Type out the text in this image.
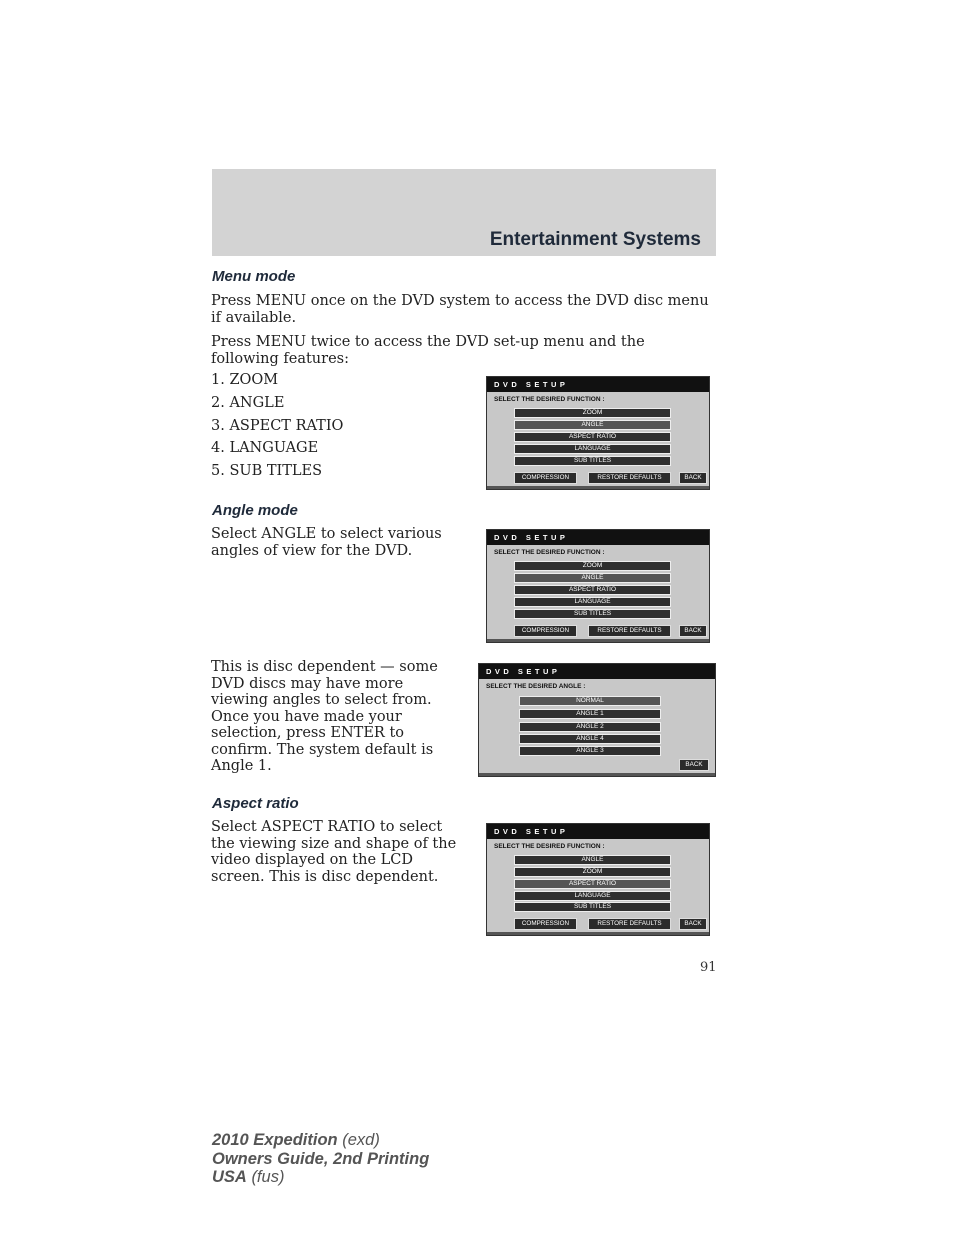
Entertainment Systems
Menu mode
Press MENU once on the DVD system to access the DVD disc menu if available.
Press MENU twice to access the DVD set-up menu and the following features:
1. ZOOM
2. ANGLE
3. ASPECT RATIO
4. LANGUAGE
5. SUB TITLES
DVD SETUP
SELECT THE DESIRED FUNCTION :
ZOOM
ANGLE
ASPECT RATIO
LANGUAGE
SUB TITLES
COMPRESSION	RESTORE DEFAULTS	BACK
Angle mode
Select ANGLE to select various angles of view for the DVD.
DVD SETUP
SELECT THE DESIRED FUNCTION :
ZOOM
ANGLE
ASPECT RATIO
LANGUAGE
SUB TITLES
COMPRESSION	RESTORE DEFAULTS	BACK
This is disc dependent — some DVD discs may have more viewing angles to select from. Once you have made your selection, press ENTER to confirm. The system default is Angle 1.
DVD SETUP
SELECT THE DESIRED ANGLE :
NORMAL
ANGLE 1
ANGLE 2
ANGLE 4
ANGLE 3
BACK
Aspect ratio
Select ASPECT RATIO to select the viewing size and shape of the video displayed on the LCD screen. This is disc dependent.
DVD SETUP
SELECT THE DESIRED FUNCTION :
ANGLE
ZOOM
ASPECT RATIO
LANGUAGE
SUB TITLES
COMPRESSION	RESTORE DEFAULTS	BACK
91
2010 Expedition (exd)
Owners Guide, 2nd Printing
USA (fus)
